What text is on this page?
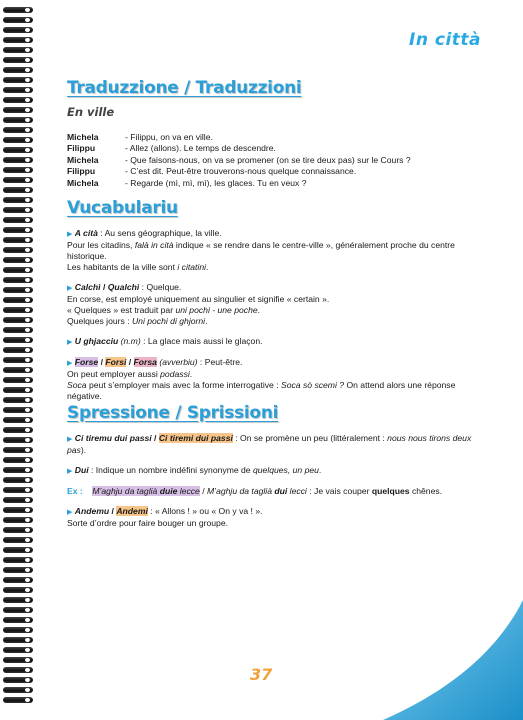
In città
Traduzzione / Traduzzioni
En ville
Michela	- Filippu, on va en ville.
Filippu	- Allez (allons). Le temps de descendre.
Michela	- Que faisons-nous, on va se promener (on se tire deux pas) sur le Cours ?
Filippu	- C’est dit. Peut-être trouverons-nous quelque connaissance.
Michela	- Regarde (mì, mì, mì), les glaces. Tu en veux ?
Vucabulariu
▶ A cità : Au sens géographique, la ville.
Pour les citadins, falà in cità indique « se rendre dans le centre-ville », généralement proche du centre historique.
Les habitants de la ville sont i citatini.
▶ Calchì / Qualchì : Quelque.
En corse, est employé uniquement au singulier et signifie « certain ».
« Quelques » est traduit par uni pochi - une poche.
Quelques jours : Uni pochi di ghjorni.
▶ U ghjacciu (n.m) : La glace mais aussi le glaçon.
▶ Forse / Forsi / Forsa (avverbiu) : Peut-être.
On peut employer aussi podassi.
Soca peut s’employer mais avec la forme interrogative : Soca sò scemi ? On attend alors une réponse négative.
Spressione / Sprissioni
▶ Ci tiremu dui passi / Ci tiremi dui passi : On se promène un peu (littéralement : nous nous tirons deux pas).
▶ Dui : Indique un nombre indéfini synonyme de quelques, un peu.
Ex : M’aghju da taglià duie lecce / M’aghju da taglià dui lecci : Je vais couper quelques chênes.
▶ Andemu / Andemi : « Allons ! » ou « On y va ! ».
Sorte d’ordre pour faire bouger un groupe.
37
